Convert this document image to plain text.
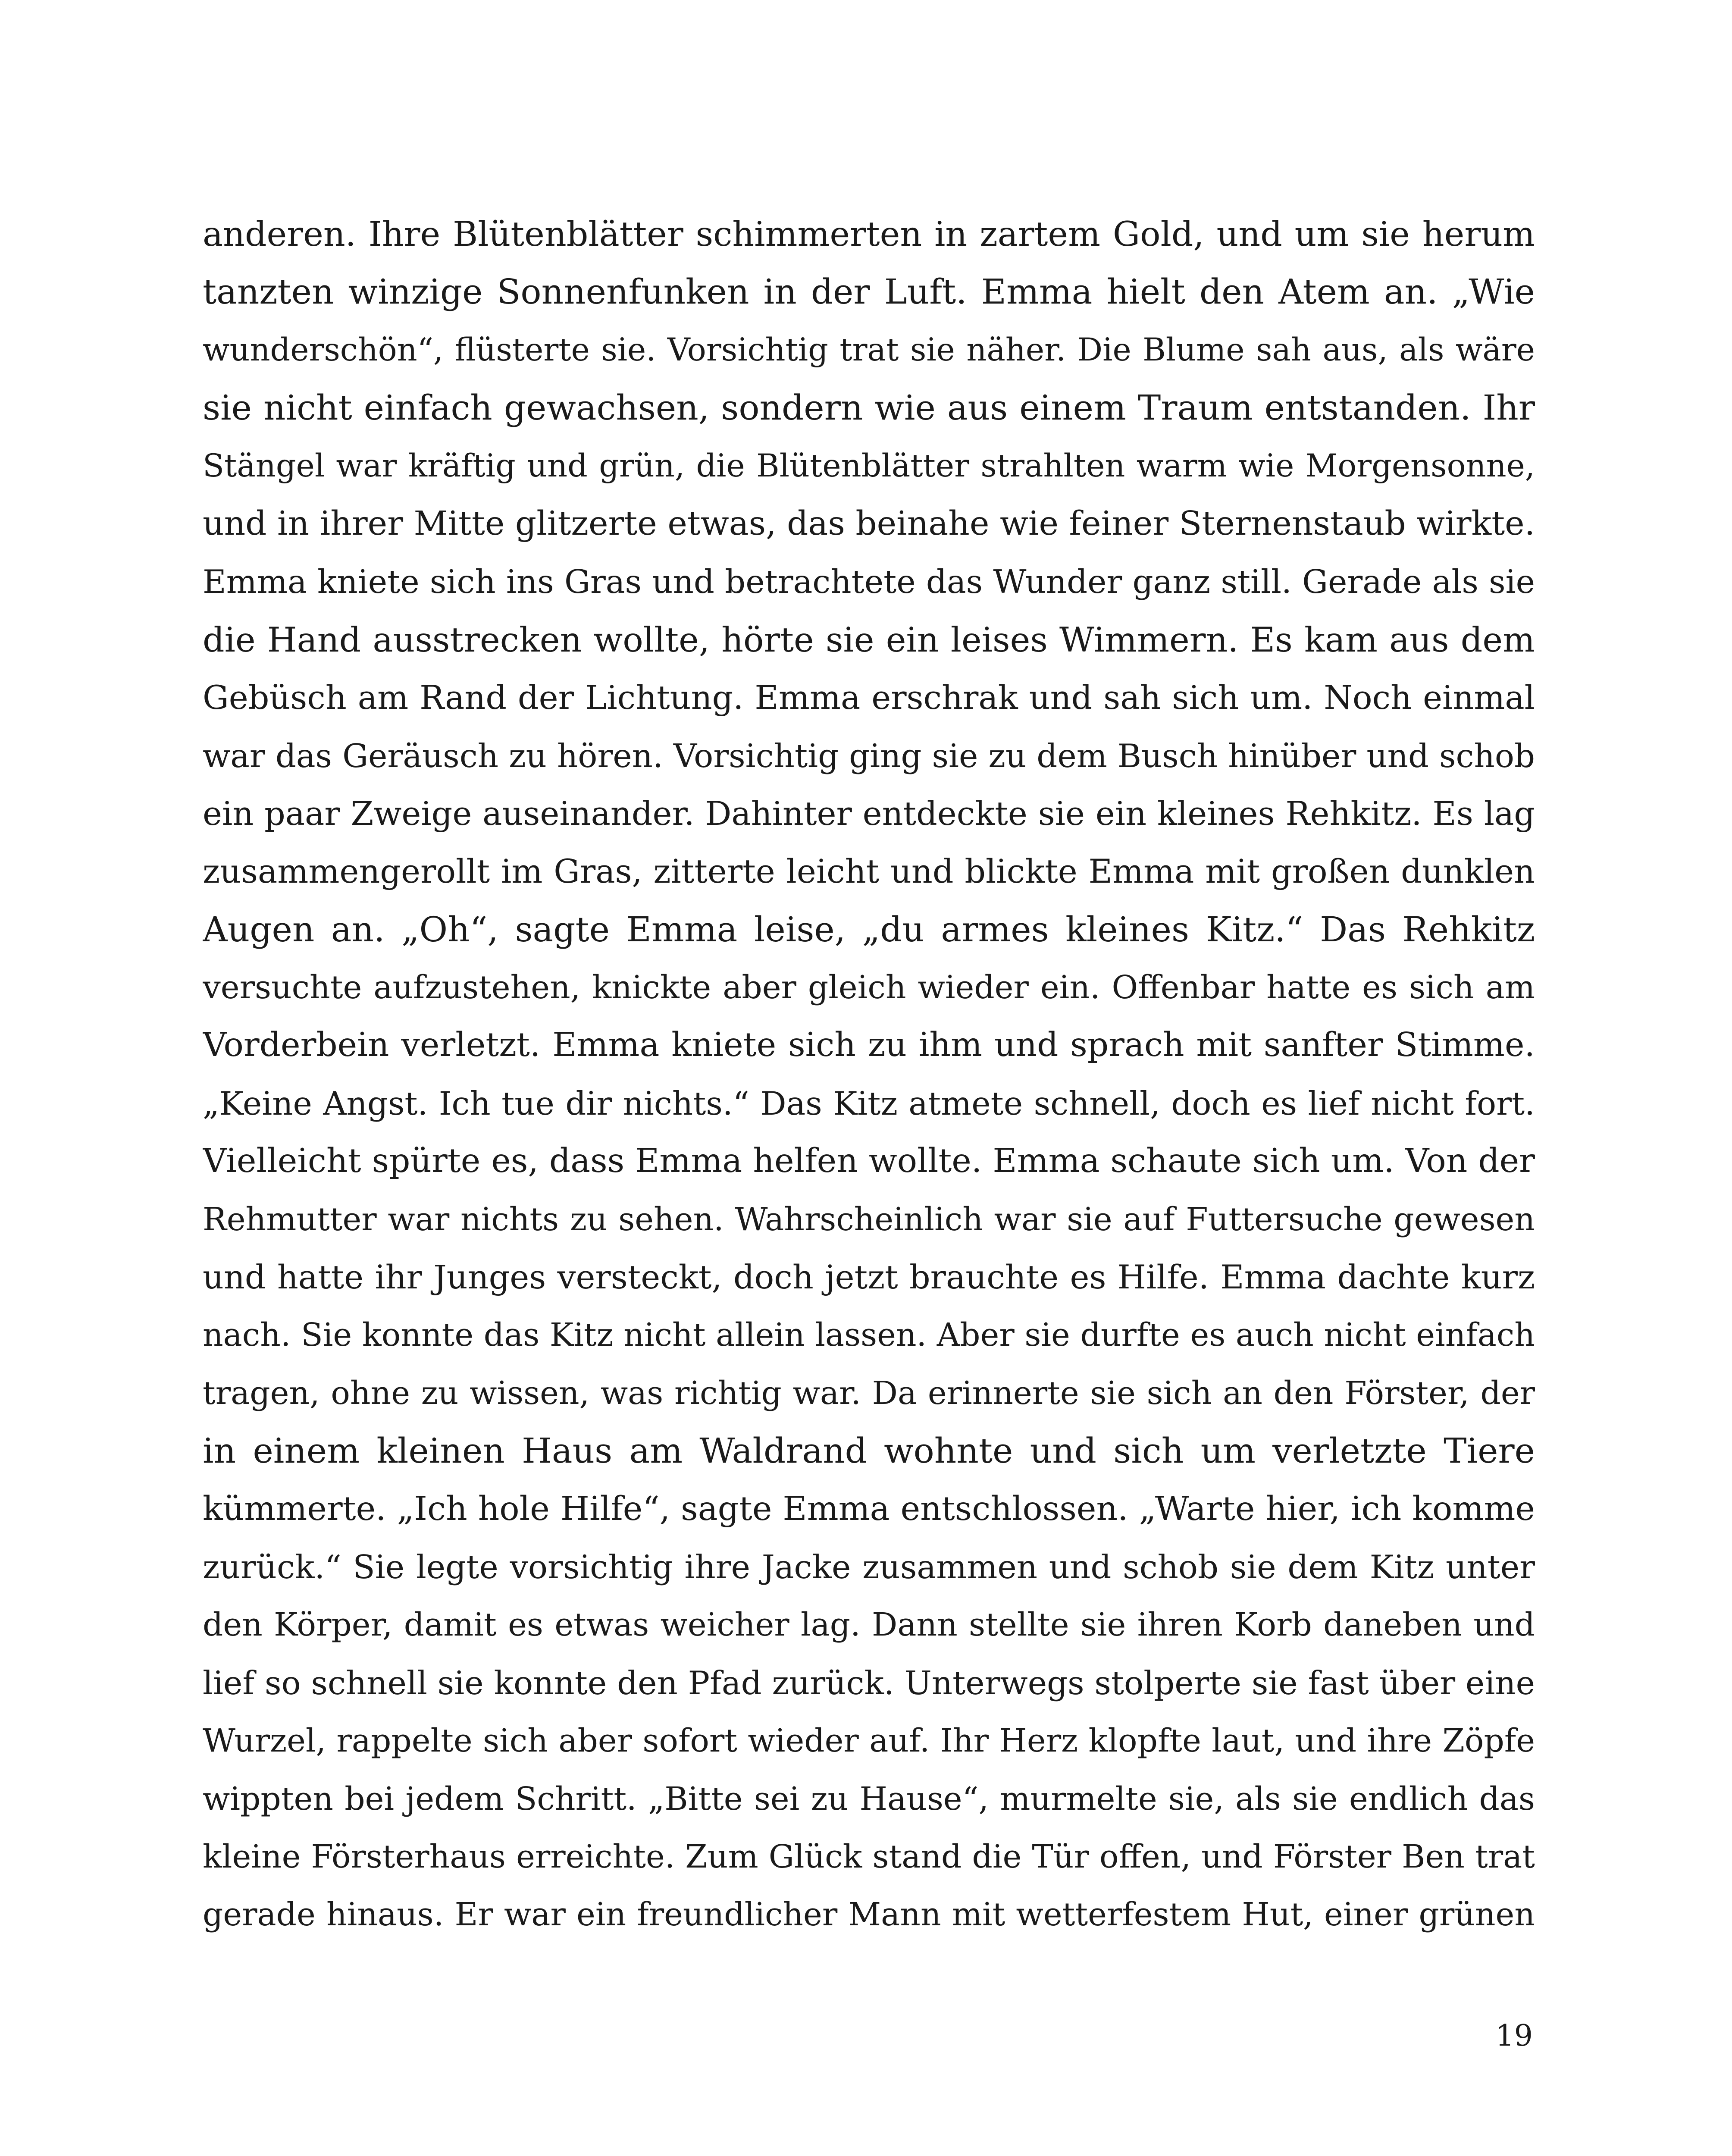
anderen. Ihre Blütenblätter schimmerten in zartem Gold, und um sie herum
tanzten winzige Sonnenfunken in der Luft. Emma hielt den Atem an. „Wie
wunderschön“, flüsterte sie. Vorsichtig trat sie näher. Die Blume sah aus, als wäre
sie nicht einfach gewachsen, sondern wie aus einem Traum entstanden. Ihr
Stängel war kräftig und grün, die Blütenblätter strahlten warm wie Morgensonne,
und in ihrer Mitte glitzerte etwas, das beinahe wie feiner Sternenstaub wirkte.
Emma kniete sich ins Gras und betrachtete das Wunder ganz still. Gerade als sie
die Hand ausstrecken wollte, hörte sie ein leises Wimmern. Es kam aus dem
Gebüsch am Rand der Lichtung. Emma erschrak und sah sich um. Noch einmal
war das Geräusch zu hören. Vorsichtig ging sie zu dem Busch hinüber und schob
ein paar Zweige auseinander. Dahinter entdeckte sie ein kleines Rehkitz. Es lag
zusammengerollt im Gras, zitterte leicht und blickte Emma mit großen dunklen
Augen an. „Oh“, sagte Emma leise, „du armes kleines Kitz.“ Das Rehkitz
versuchte aufzustehen, knickte aber gleich wieder ein. Offenbar hatte es sich am
Vorderbein verletzt. Emma kniete sich zu ihm und sprach mit sanfter Stimme.
„Keine Angst. Ich tue dir nichts.“ Das Kitz atmete schnell, doch es lief nicht fort.
Vielleicht spürte es, dass Emma helfen wollte. Emma schaute sich um. Von der
Rehmutter war nichts zu sehen. Wahrscheinlich war sie auf Futtersuche gewesen
und hatte ihr Junges versteckt, doch jetzt brauchte es Hilfe. Emma dachte kurz
nach. Sie konnte das Kitz nicht allein lassen. Aber sie durfte es auch nicht einfach
tragen, ohne zu wissen, was richtig war. Da erinnerte sie sich an den Förster, der
in einem kleinen Haus am Waldrand wohnte und sich um verletzte Tiere
kümmerte. „Ich hole Hilfe“, sagte Emma entschlossen. „Warte hier, ich komme
zurück.“ Sie legte vorsichtig ihre Jacke zusammen und schob sie dem Kitz unter
den Körper, damit es etwas weicher lag. Dann stellte sie ihren Korb daneben und
lief so schnell sie konnte den Pfad zurück. Unterwegs stolperte sie fast über eine
Wurzel, rappelte sich aber sofort wieder auf. Ihr Herz klopfte laut, und ihre Zöpfe
wippten bei jedem Schritt. „Bitte sei zu Hause“, murmelte sie, als sie endlich das
kleine Försterhaus erreichte. Zum Glück stand die Tür offen, und Förster Ben trat
gerade hinaus. Er war ein freundlicher Mann mit wetterfestem Hut, einer grünen
19
